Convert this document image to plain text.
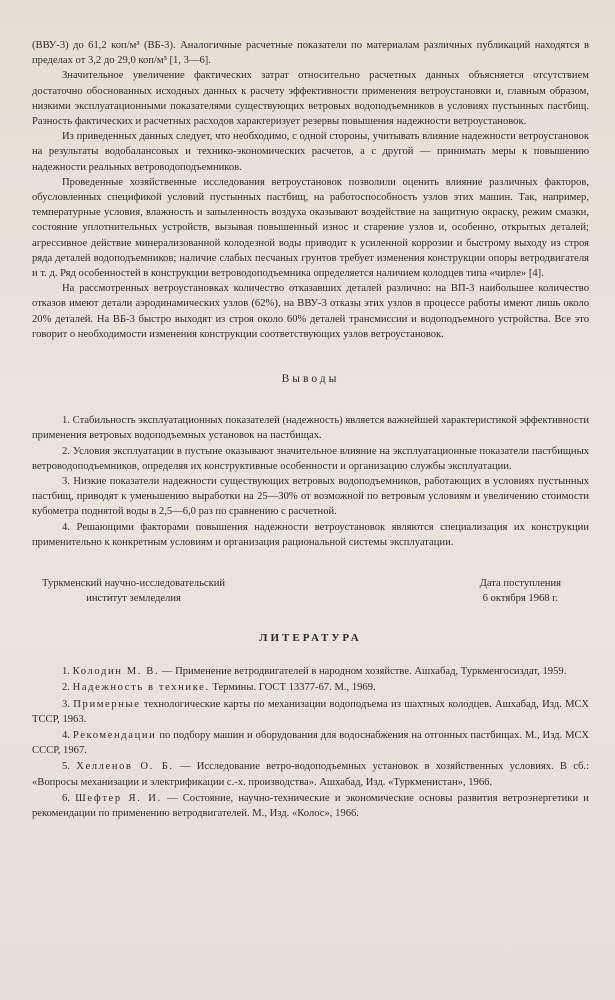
(ВВУ-3) до 61,2 коп/м³ (ВБ-3). Аналогичные расчетные показатели по материалам различных публикаций находятся в пределах от 3,2 до 29,0 коп/м³ [1, 3—6].

Значительное увеличение фактических затрат относительно расчетных данных объясняется отсутствием достаточно обоснованных исходных данных к расчету эффективности применения ветроустановки и, главным образом, низкими эксплуатационными показателями существующих ветровых водоподъемников в условиях пустынных пастбищ. Разность фактических и расчетных расходов характеризует резервы повышения надежности ветроустановок.

Из приведенных данных следует, что необходимо, с одной стороны, учитывать влияние надежности ветроустановок на результаты водобалансовых и технико-экономических расчетов, а с другой — принимать меры к повышению надежности реальных ветроводоподъемников.

Проведенные хозяйственные исследования ветроустановок позволили оценить влияние различных факторов, обусловленных спецификой условий пустынных пастбищ, на работоспособность узлов этих машин. Так, например, температурные условия, влажность и запыленность воздуха оказывают воздействие на защитную окраску, режим смазки, состояние уплотнительных устройств, вызывая повышенный износ и старение узлов и, особенно, открытых деталей; агрессивное действие минерализованной колодезной воды приводит к усиленной коррозии и быстрому выходу из строя ряда деталей водоподъемников; наличие слабых песчаных грунтов требует изменения конструкции опоры ветродвигателя и т. д. Ряд особенностей в конструкции ветроводоподъемника определяется наличием колодцев типа «чирле» [4].

На рассмотренных ветроустановках количество отказавших деталей различно: на ВП-3 наибольшее количество отказов имеют детали аэродинамических узлов (62%), на ВВУ-3 отказы этих узлов в процессе работы имеют лишь около 20% деталей. На ВБ-3 быстро выходят из строя около 60% деталей трансмиссии и водоподъемного устройства. Все это говорит о необходимости изменения конструкции соответствующих узлов ветроустановок.

Выводы

1. Стабильность эксплуатационных показателей (надежность) является важнейшей характеристикой эффективности применения ветровых водоподъемных установок на пастбищах.

2. Условия эксплуатации в пустыне оказывают значительное влияние на эксплуатационные показатели пастбищных ветроводоподъемников, определяя их конструктивные особенности и организацию службы эксплуатации.

3. Низкие показатели надежности существующих ветровых водоподъемников, работающих в условиях пустынных пастбищ, приводят к уменьшению выработки на 25—30% от возможной по ветровым условиям и увеличению стоимости кубометра поднятой воды в 2,5—6,0 раз по сравнению с расчетной.

4. Решающими факторами повышения надежности ветроустановок являются специализация их конструкции применительно к конкретным условиям и организация рациональной системы эксплуатации.

Туркменский научно-исследовательский
институт земледелия
Дата поступления
6 октября 1968 г.
ЛИТЕРАТУРА

1. Колодин М. В. — Применение ветродвигателей в народном хозяйстве. Ашхабад, Туркменгосиздат, 1959.

2. Надежность в технике. Термины. ГОСТ 13377-67. М., 1969.

3. Примерные технологические карты по механизации водоподъема из шахтных колодцев. Ашхабад, Изд. МСХ ТССР, 1963.

4. Рекомендации по подбору машин и оборудования для водоснабжения на отгонных пастбищах. М., Изд. МСХ СССР, 1967.

5. Хелленов О. Б. — Исследование ветро-водоподъемных установок в хозяйственных условиях. В сб.: «Вопросы механизации и электрификации с.-х. производства». Ашхабад, Изд. «Туркменистан», 1966.

6. Шефтер Я. И. — Состояние, научно-технические и экономические основы развития ветроэнергетики и рекомендации по применению ветродвигателей. М., Изд. «Колос», 1966.
